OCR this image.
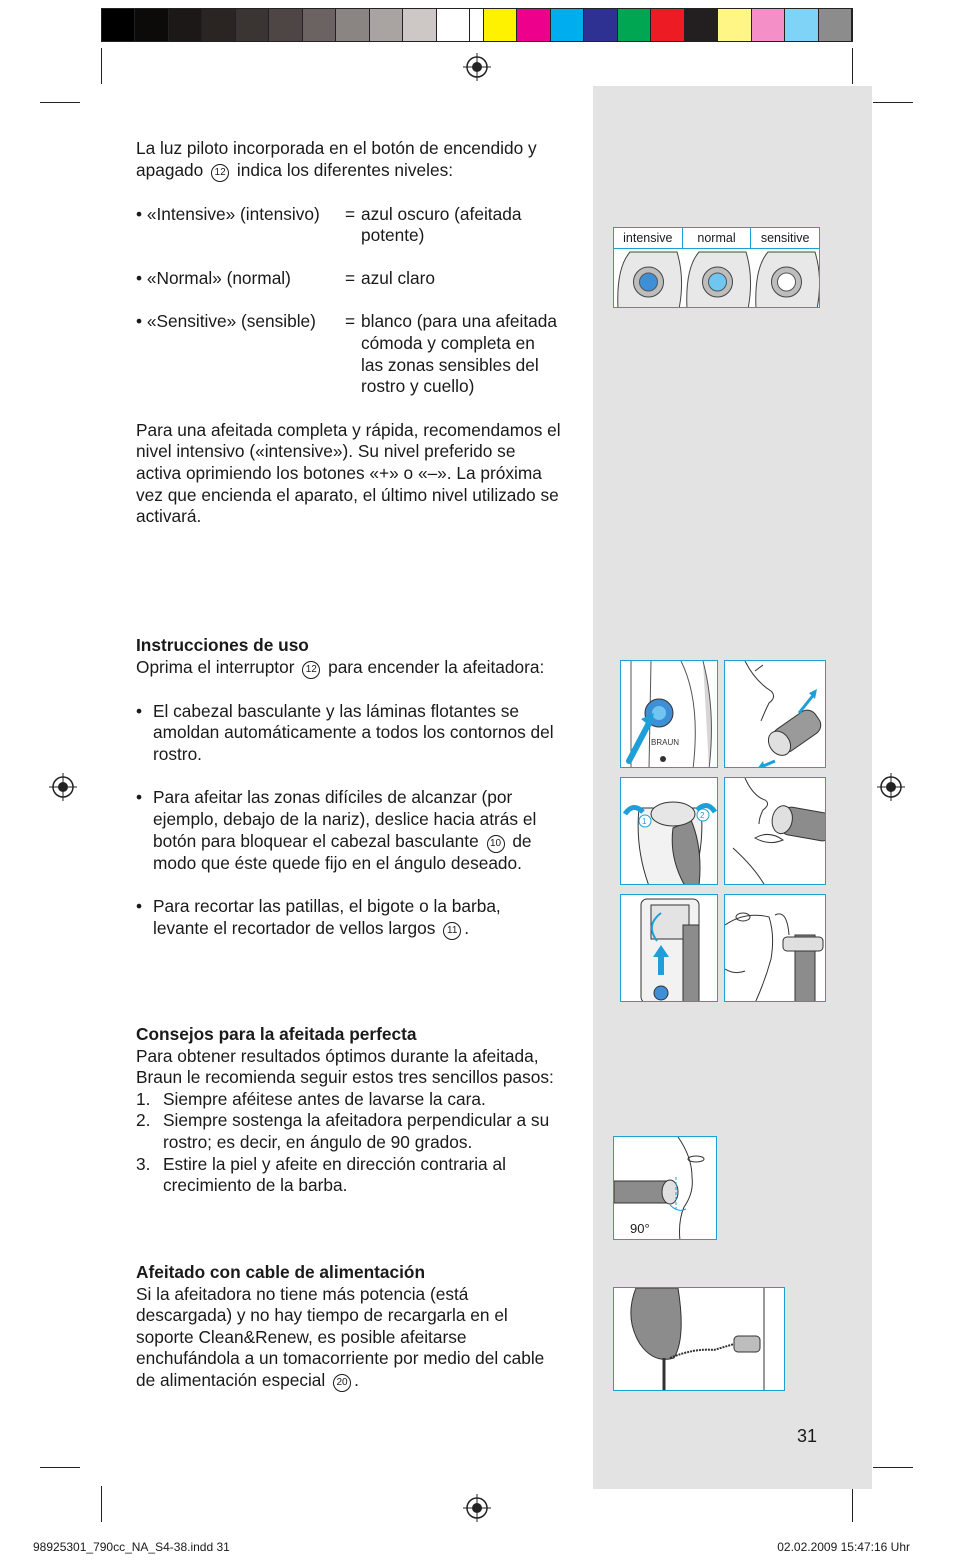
La luz piloto incorporada en el botón de encendido y apagado 12 indica los diferentes niveles:

• «Intensive» (intensivo)	= azul oscuro (afeitada potente)
• «Normal» (normal)	= azul claro
• «Sensitive» (sensible)	= blanco (para una afeitada cómoda y completa en las zonas sensibles del rostro y cuello)

Para una afeitada completa y rápida, recomendamos el nivel intensivo («intensive»). Su nivel preferido se activa oprimiendo los botones «+» o «–». La próxima vez que encienda el aparato, el último nivel utilizado se activará.

Instrucciones de uso

Oprima el interruptor 12 para encender la afeitadora:

• El cabezal basculante y las láminas flotantes se amoldan automáticamente a todos los contornos del rostro.
• Para afeitar las zonas difíciles de alcanzar (por ejemplo, debajo de la nariz), deslice hacia atrás el botón para bloquear el cabezal basculante 10 de modo que éste quede fijo en el ángulo deseado.
• Para recortar las patillas, el bigote o la barba, levante el recortador de vellos largos 11 .

Consejos para la afeitada perfecta

Para obtener resultados óptimos durante la afeitada, Braun le recomienda seguir estos tres sencillos pasos:

1. Siempre aféitese antes de lavarse la cara.
2. Siempre sostenga la afeitadora perpendicular a su rostro; es decir, en ángulo de 90 grados.
3. Estire la piel y afeite en dirección contraria al crecimiento de la barba.

Afeitado con cable de alimentación

Si la afeitadora no tiene más potencia (está descargada) y no hay tiempo de recargarla en el soporte Clean&Renew, es posible afeitarse enchufándola a un tomacorriente por medio del cable de alimentación especial 20 .

intensive	normal	sensitive
BRAUN
1
2
90°
31
98925301_790cc_NA_S4-38.indd 31	02.02.2009 15:47:16 Uhr
